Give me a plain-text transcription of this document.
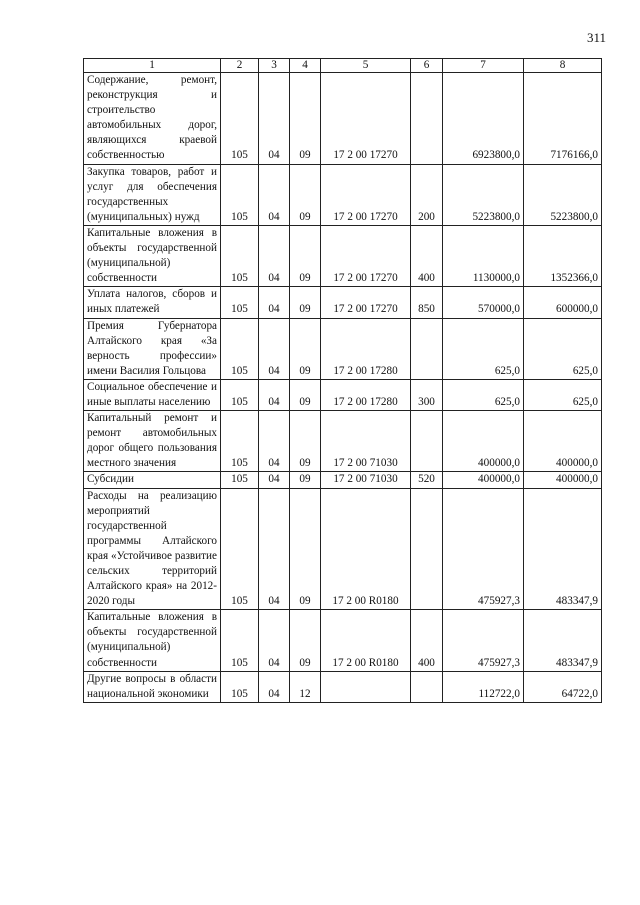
311
1	2	3	4	5	6	7	8
Содержание, ремонт, реконструкция и строительство автомобильных дорог, являющихся краевой собственностью	105	04	09	17 2 00 17270		6923800,0	7176166,0
Закупка товаров, работ и услуг для обеспечения государственных (муниципальных) нужд	105	04	09	17 2 00 17270	200	5223800,0	5223800,0
Капитальные вложения в объекты государственной (муниципальной) собственности	105	04	09	17 2 00 17270	400	1130000,0	1352366,0
Уплата налогов, сборов и иных платежей	105	04	09	17 2 00 17270	850	570000,0	600000,0
Премия Губернатора Алтайского края «За верность профессии» имени Василия Гольцова	105	04	09	17 2 00 17280		625,0	625,0
Социальное обеспечение и иные выплаты населению	105	04	09	17 2 00 17280	300	625,0	625,0
Капитальный ремонт и ремонт автомобильных дорог общего пользования местного значения	105	04	09	17 2 00 71030		400000,0	400000,0
Субсидии	105	04	09	17 2 00 71030	520	400000,0	400000,0
Расходы на реализацию мероприятий государственной программы Алтайского края «Устойчивое развитие сельских территорий Алтайского края» на 2012-2020 годы	105	04	09	17 2 00 R0180		475927,3	483347,9
Капитальные вложения в объекты государственной (муниципальной) собственности	105	04	09	17 2 00 R0180	400	475927,3	483347,9
Другие вопросы в области национальной экономики	105	04	12			112722,0	64722,0
